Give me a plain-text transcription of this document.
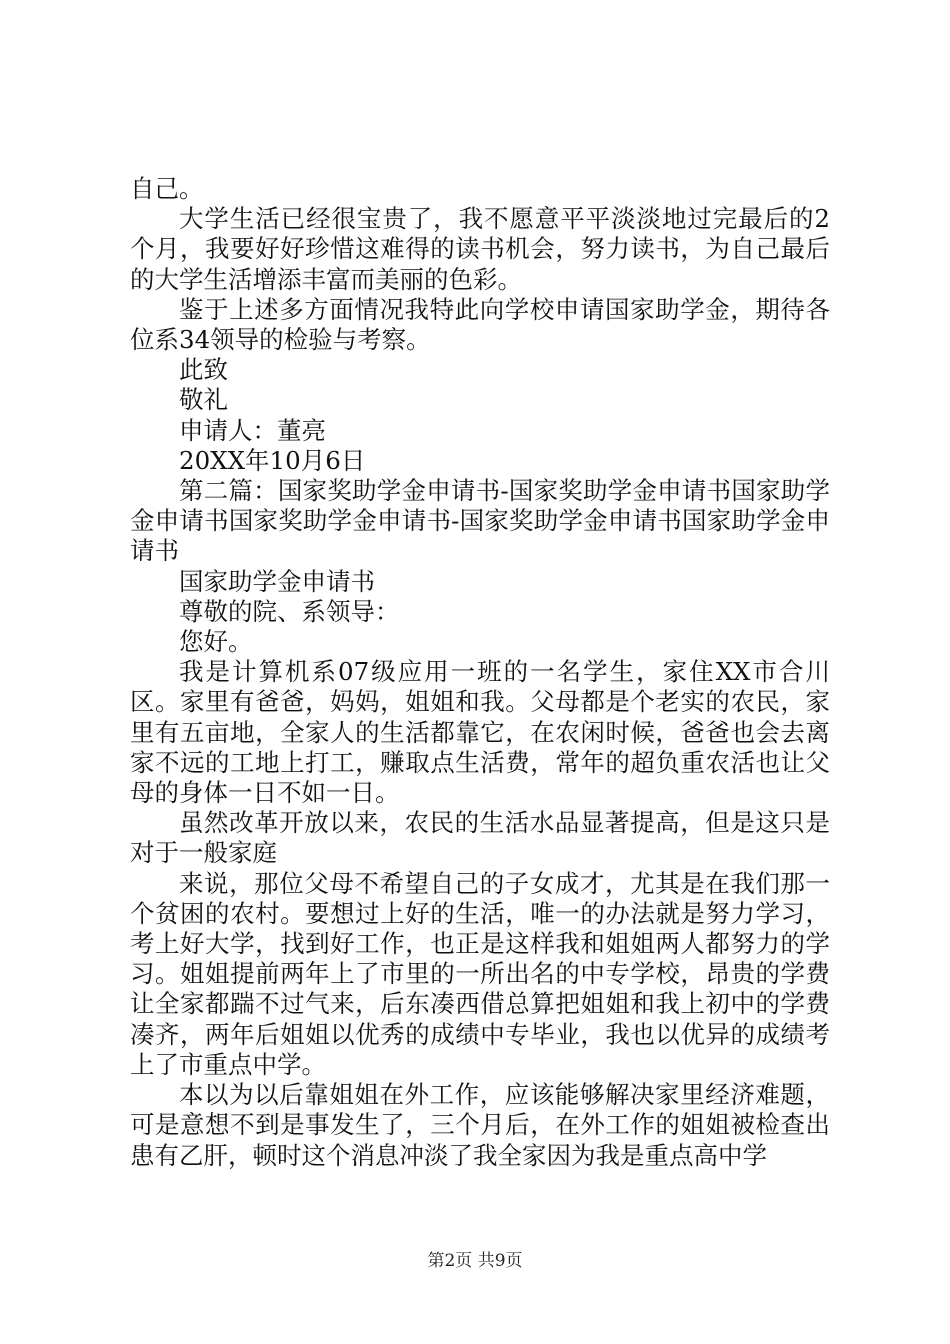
自己。

大学生活已经很宝贵了，我不愿意平平淡淡地过完最后的2个月，我要好好珍惜这难得的读书机会，努力读书，为自己最后的大学生活增添丰富而美丽的色彩。

鉴于上述多方面情况我特此向学校申请国家助学金，期待各位系34领导的检验与考察。

此致

敬礼

申请人：董亮

20XX年10月6日

第二篇：国家奖助学金申请书-国家奖助学金申请书国家助学金申请书国家奖助学金申请书-国家奖助学金申请书国家助学金申请书

国家助学金申请书

尊敬的院、系领导：

您好。

我是计算机系07级应用一班的一名学生，家住XX市合川区。家里有爸爸，妈妈，姐姐和我。父母都是个老实的农民，家里有五亩地，全家人的生活都靠它，在农闲时候，爸爸也会去离家不远的工地上打工，赚取点生活费，常年的超负重农活也让父母的身体一日不如一日。

虽然改革开放以来，农民的生活水品显著提高，但是这只是对于一般家庭

来说，那位父母不希望自己的子女成才，尤其是在我们那一个贫困的农村。要想过上好的生活，唯一的办法就是努力学习，考上好大学，找到好工作，也正是这样我和姐姐两人都努力的学习。姐姐提前两年上了市里的一所出名的中专学校，昂贵的学费让全家都踹不过气来，后东凑西借总算把姐姐和我上初中的学费凑齐，两年后姐姐以优秀的成绩中专毕业，我也以优异的成绩考上了市重点中学。

本以为以后靠姐姐在外工作，应该能够解决家里经济难题，可是意想不到是事发生了，三个月后，在外工作的姐姐被检查出患有乙肝，顿时这个消息冲淡了我全家因为我是重点高中学

第2页 共9页
